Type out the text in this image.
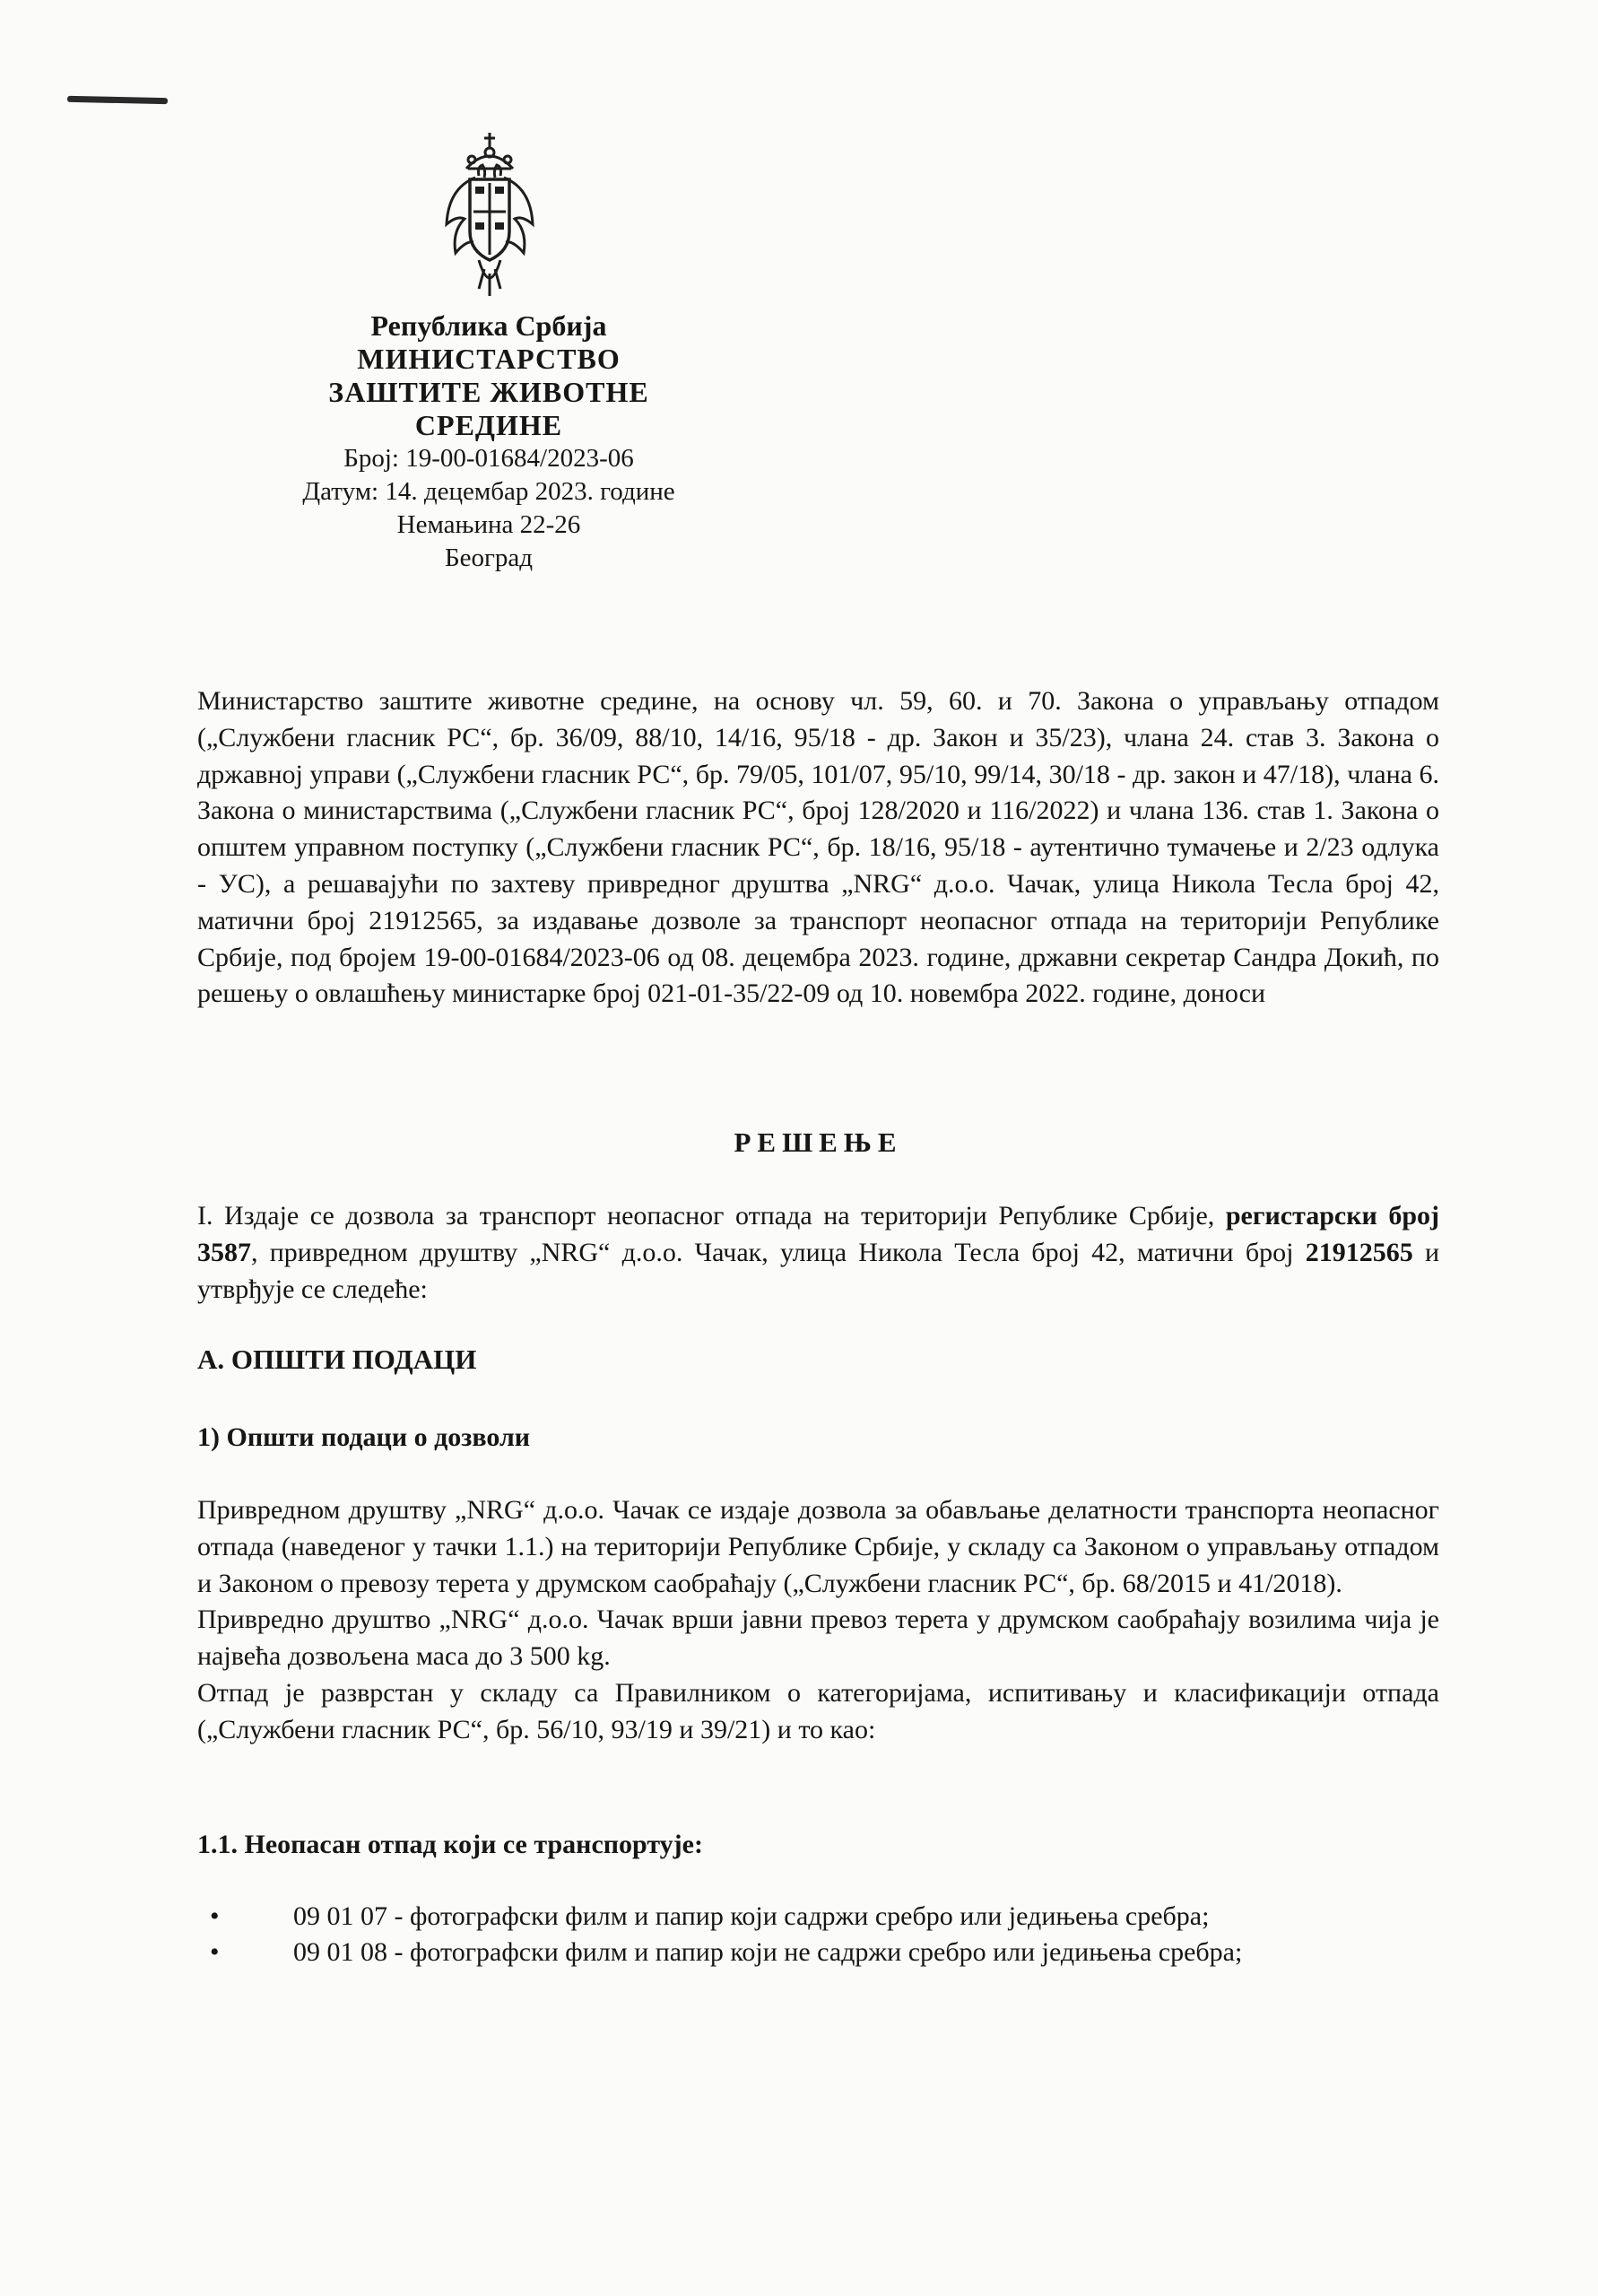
Република Србија
МИНИСТАРСТВО
ЗАШТИТЕ ЖИВОТНЕ СРЕДИНЕ
Број: 19-00-01684/2023-06
Датум: 14. децембар 2023. године
Немањина 22-26
Београд
Министарство заштите животне средине, на основу чл. 59, 60. и 70. Закона о управљању отпадом („Службени гласник РС“, бр. 36/09, 88/10, 14/16, 95/18 - др. Закон и 35/23), члана 24. став 3. Закона о државној управи („Службени гласник РС“, бр. 79/05, 101/07, 95/10, 99/14, 30/18 - др. закон и 47/18), члана 6. Закона о министарствима („Службени гласник РС“, број 128/2020 и 116/2022) и члана 136. став 1. Закона о општем управном поступку („Службени гласник РС“, бр. 18/16, 95/18 - аутентично тумачење и 2/23 одлука - УС), а решавајући по захтеву привредног друштва „NRG“ д.о.о. Чачак, улица Никола Тесла број 42, матични број 21912565, за издавање дозволе за транспорт неопасног отпада на територији Републике Србије, под бројем 19-00-01684/2023-06 од 08. децембра 2023. године, државни секретар Сандра Докић, по решењу о овлашћењу министарке број 021-01-35/22-09 од 10. новембра 2022. године, доноси
РЕШЕЊЕ
I. Издаје се дозвола за транспорт неопасног отпада на територији Републике Србије, регистарски број 3587, привредном друштву „NRG“ д.о.о. Чачак, улица Никола Тесла број 42, матични број 21912565 и утврђује се следеће:
А. ОПШТИ ПОДАЦИ
1) Општи подаци о дозволи

Привредном друштву „NRG“ д.о.о. Чачак се издаје дозвола за обављање делатности транспорта неопасног отпада (наведеног у тачки 1.1.) на територији Републике Србије, у складу са Законом о управљању отпадом и Законом о превозу терета у друмском саобраћају („Службени гласник РС“, бр. 68/2015 и 41/2018).

Привредно друштво „NRG“ д.о.о. Чачак врши јавни превоз терета у друмском саобраћају возилима чија је највећа дозвољена маса до 3 500 kg.

Отпад је разврстан у складу са Правилником о категоријама, испитивању и класификацији отпада („Службени гласник РС“, бр. 56/10, 93/19 и 39/21) и то као:

1.1. Неопасан отпад који се транспортује:
•	09 01 07 - фотографски филм и папир који садржи сребро или једињења сребра;
•	09 01 08 - фотографски филм и папир који не садржи сребро или једињења сребра;
